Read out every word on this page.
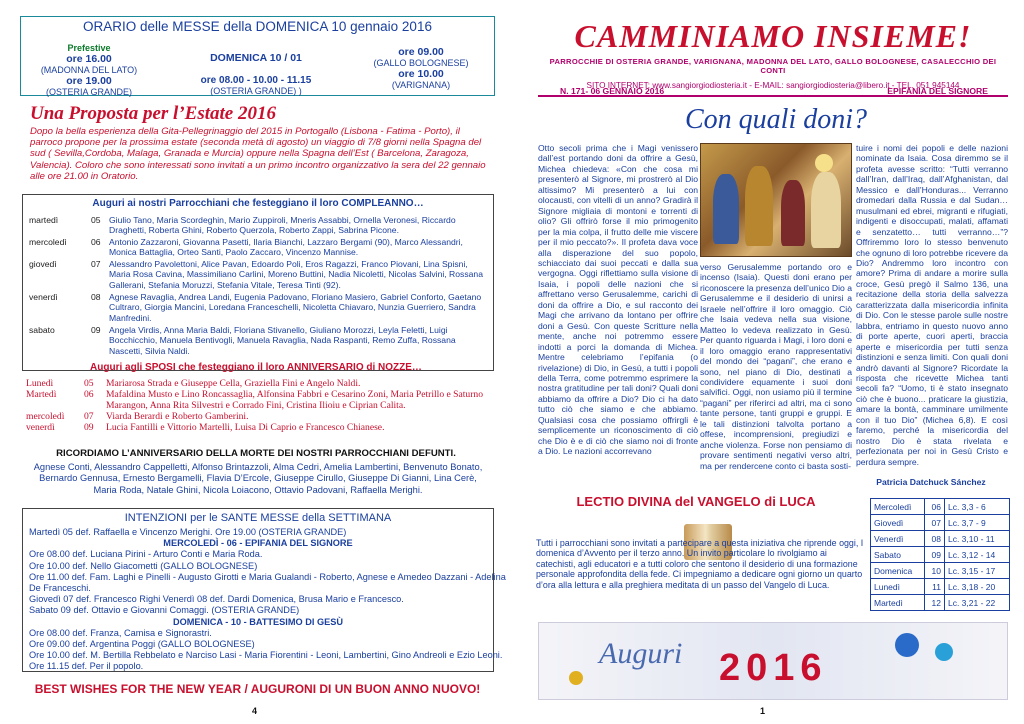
ORARIO delle MESSE della DOMENICA 10 gennaio 2016
Prefestive
ore 16.00
(MADONNA DEL LATO)
ore 19.00
(OSTERIA GRANDE)
DOMENICA 10 / 01

ore 08.00 - 10.00 - 11.15
(OSTERIA GRANDE) )
ore 09.00
(GALLO BOLOGNESE)
ore 10.00
(VARIGNANA)
Una Proposta per l’Estate 2016
Dopo la bella esperienza della Gita-Pellegrinaggio del 2015 in Portogallo (Lisbona - Fatima - Porto), il parroco propone per la prossima estate (seconda metà di agosto) un viaggio di 7/8 giorni nella Spagna del sud ( Sevilla,Cordoba, Malaga, Granada e Murcia) oppure nella Spagna dell’Est ( Barcelona, Zaragoza, Valencia). Coloro che sono interessati sono invitati a un primo incontro organizzativo la sera del 22 gennaio alle ore 21.00 in Oratorio.
Auguri ai nostri Parrocchiani che festeggiano il loro COMPLEANNO…
martedì	05 Giulio Tano, Maria Scordeghin, Mario Zuppiroli, Mneris Assabbi, Ornella Veronesi, Riccardo Draghetti, Roberta Ghini, Roberto Querzola, Roberto Zappi, Sabrina Picone.
mercoledì	06 Antonio Zazzaroni, Giovanna Pasetti, Ilaria Bianchi, Lazzaro Bergami (90), Marco Alessandri, Monica Battaglia, Orteo Santi, Paolo Zaccaro, Vincenzo Mannise.
giovedì	07 Alessandro Pavolettoni, Alice Pavan, Edoardo Poli, Eros Ragazzi, Franco Piovani, Lina Spisni, Maria Rosa Cavina, Massimiliano Carlini, Moreno Buttini, Nadia Nicoletti, Nicolas Salvini, Rossana Gallerani, Stefania Moruzzi, Stefania Vitale, Teresa Tinti (92).
venerdì	08 Agnese Ravaglia, Andrea Landi, Eugenia Padovano, Floriano Masiero, Gabriel Conforto, Gaetano Cultraro, Giorgia Mancini, Loredana Franceschelli, Nicoletta Chiavaro, Nunzia Guerriero, Sandra Manfredini.
sabato	09 Angela Virdis, Anna Maria Baldi, Floriana Stivanello, Giuliano Morozzi, Leyla Feletti, Luigi Bocchicchio, Manuela Bentivogli, Manuela Ravaglia, Nada Raspanti, Remo Zuffa, Rossana Nascetti, Silvia Naldi.
Auguri agli SPOSI che festeggiano il loro ANNIVERSARIO di NOZZE…
Lunedì	05 Mariarosa Strada e Giuseppe Cella, Graziella Fini e Angelo Naldi.
Martedì	06 Mafaldina Musto e Lino Roncassaglia, Alfonsina Fabbri e Cesarino Zoni, Maria Petrillo e Saturno Marangon, Anna Rita Silvestri e Corrado Fini, Cristina Ilioiu e Ciprian Calita.
mercoledì 07 Viarda Berardi e Roberto Gamberini.
venerdì	09 Lucia Fantilli e Vittorio Martelli, Luisa Di Caprio e Francesco Chianese.
RICORDIAMO L’ANNIVERSARIO DELLA MORTE DEI NOSTRI PARROCCHIANI DEFUNTI.

Agnese Conti, Alessandro Cappelletti, Alfonso Brintazzoli, Alma Cedri, Amelia Lambertini, Benvenuto Bonato, Bernardo Gennusa, Ernesto Bergamelli, Flavia D’Ercole, Giuseppe Cirullo, Giuseppe Di Gianni, Lina Cerè, Maria Roda, Natale Ghini, Nicola Loiacono, Ottavio Padovani, Raffaella Merighi.

INTENZIONI per le SANTE MESSE della SETTIMANA
Martedì 05 def. Raffaella e Vincenzo Merighi. Ore 19.00 (OSTERIA GRANDE)
MERCOLEDÌ - 06 - EPIFANIA DEL SIGNORE
Ore 08.00 def. Luciana Pirini - Arturo Conti e Maria Roda.
Ore 10.00 def. Nello Giacometti (GALLO BOLOGNESE)
Ore 11.00 def. Fam. Laghi e Pinelli - Augusto Girotti e Maria Gualandi - Roberto, Agnese e Amedeo Dazzani - Adelina
De Franceschi.
Giovedì 07 def. Francesco Righi Venerdì 08 def. Dardi Domenica, Brusa Mario e Francesco.
Sabato 09 def. Ottavio e Giovanni Comaggi. (OSTERIA GRANDE)
DOMENICA - 10 - BATTESIMO DI GESÙ
Ore 08.00 def. Franza, Camisa e Signorastri.
Ore 09.00 def. Argentina Poggi (GALLO BOLOGNESE)
Ore 10.00 def. M. Bertilla Rebbelato e Narciso Lasi - Maria Fiorentini - Leoni, Lambertini, Gino Andreoli e Ezio Leoni.
Ore 11.15 def. Per il popolo.
BEST WISHES FOR THE NEW YEAR / AUGURONI DI UN BUON ANNO NUOVO!
4
CAMMINIAMO INSIEME!
PARROCCHIE DI OSTERIA GRANDE, VARIGNANA, MADONNA DEL LATO, GALLO BOLOGNESE, CASALECCHIO DEI CONTI
SITO INTERNET: www.sangiorgiodiosteria.it - E-MAIL: sangiorgiodiosteria@libero.it - TEL. 051 945144
N. 171- 06 GENNAIO 2016	EPIFANIA DEL SIGNORE
Con quali doni?
Otto secoli prima che i Magi venissero dall’est portando doni da offrire a Gesù, Michea chiedeva: «Con che cosa mi presenterò al Signore, mi prostrerò al Dio altissimo? Mi presenterò a lui con olocausti, con vitelli di un anno? Gradirà il Signore migliaia di montoni e torrenti di olio? Gli offrirò forse il mio primogenito per la mia colpa, il frutto delle mie viscere per il mio peccato?». Il profeta dava voce alla disperazione del suo popolo, schiacciato dai suoi peccati e dalla sua vergogna. Oggi riflettiamo sulla visione di Isaia, i popoli delle nazioni che si affrettano verso Gerusalemme, carichi di doni da offrire a Dio, e sul racconto dei Magi che arrivano da lontano per offrire doni a Gesù. Con queste Scritture nella mente, anche noi potremmo essere indotti a porci la domanda di Michea. Mentre celebriamo l’epifania (o rivelazione) di Dio, in Gesù, a tutti i popoli della Terra, come potremmo esprimere la nostra gratitudine per tali doni? Quali doni abbiamo da offrire a Dio? Dio ci ha dato tutto ciò che siamo e che abbiamo. Qualsiasi cosa che possiamo offrirgli è semplicemente un riconoscimento di ciò che Dio è e di ciò che siamo noi di fronte a Dio. Le nazioni accorrevano
verso Gerusalemme portando oro e incenso (Isaia). Questi doni erano per riconoscere la presenza dell’unico Dio a Gerusalemme e il desiderio di unirsi a Israele nell’offrire il loro omaggio. Ciò che Isaia vedeva nella sua visione, Matteo lo vedeva realizzato in Gesù. Per quanto riguarda i Magi, i loro doni e il loro omaggio erano rappresentativi del mondo dei “pagani”, che erano e sono, nel piano di Dio, destinati a condividere equamente i suoi doni salvifici. Oggi, non usiamo più il termine “pagani” per riferirci ad altri, ma ci sono tante persone, tanti gruppi e gruppi. E le tali distinzioni talvolta portano a offese, incomprensioni, pregiudizi e anche violenza. Forse non pensiamo di provare sentimenti negativi verso altri, ma per rendercene conto ci basta sosti-
tuire i nomi dei popoli e delle nazioni nominate da Isaia. Cosa diremmo se il profeta avesse scritto: “Tutti verranno dall’Iran, dall’Iraq, dall’Afghanistan, dal Messico e dall’Honduras... Verranno dromedari dalla Russia e dal Sudan… musulmani ed ebrei, migranti e rifugiati, indigenti e disoccupati, malati, affamati e senzatetto… tutti verranno…”? Offriremmo loro lo stesso benvenuto che ognuno di loro potrebbe ricevere da Dio? Andremmo loro incontro con amore? Prima di andare a morire sulla croce, Gesù pregò il Salmo 136, una recitazione della storia della salvezza caratterizzata dalla misericordia infinita di Dio. Con le stesse parole sulle nostre labbra, entriamo in questo nuovo anno di porte aperte, cuori aperti, braccia aperte e misericordia per tutti senza distinzioni e senza limiti. Con quali doni andrò davanti al Signore? Ricordate la risposta che ricevette Michea tanti secoli fa? “Uomo, ti è stato insegnato ciò che è buono... praticare la giustizia, amare la bontà, camminare umilmente con il tuo Dio” (Michea 6,8). E così faremo, perché la misericordia del nostro Dio è stata rivelata e perfezionata per noi in Gesù Cristo e perdura sempre.
Patricia Datchuck Sánchez
LECTIO DIVINA del VANGELO di LUCA
Tutti i parrocchiani sono invitati a partecipare a questa iniziativa che riprende oggi, I domenica d’Avvento per il terzo anno. Un invito particolare lo rivolgiamo ai catechisti, agli educatori e a tutti coloro che sentono il desiderio di una formazione personale approfondita della fede. Ci impegniamo a dedicare ogni giorno un quarto d’ora alla lettura e alla preghiera meditata di un passo del Vangelo di Luca.
Mercoledì	06	Lc. 3,3 - 6
Giovedì	07	Lc. 3,7 - 9
Venerdì	08	Lc. 3,10 - 11
Sabato	09	Lc. 3,12 - 14
Domenica	10	Lc. 3,15 - 17
Lunedì	11	Lc. 3,18 - 20
Martedì	12	Lc. 3,21 - 22
Auguri 2016
1
